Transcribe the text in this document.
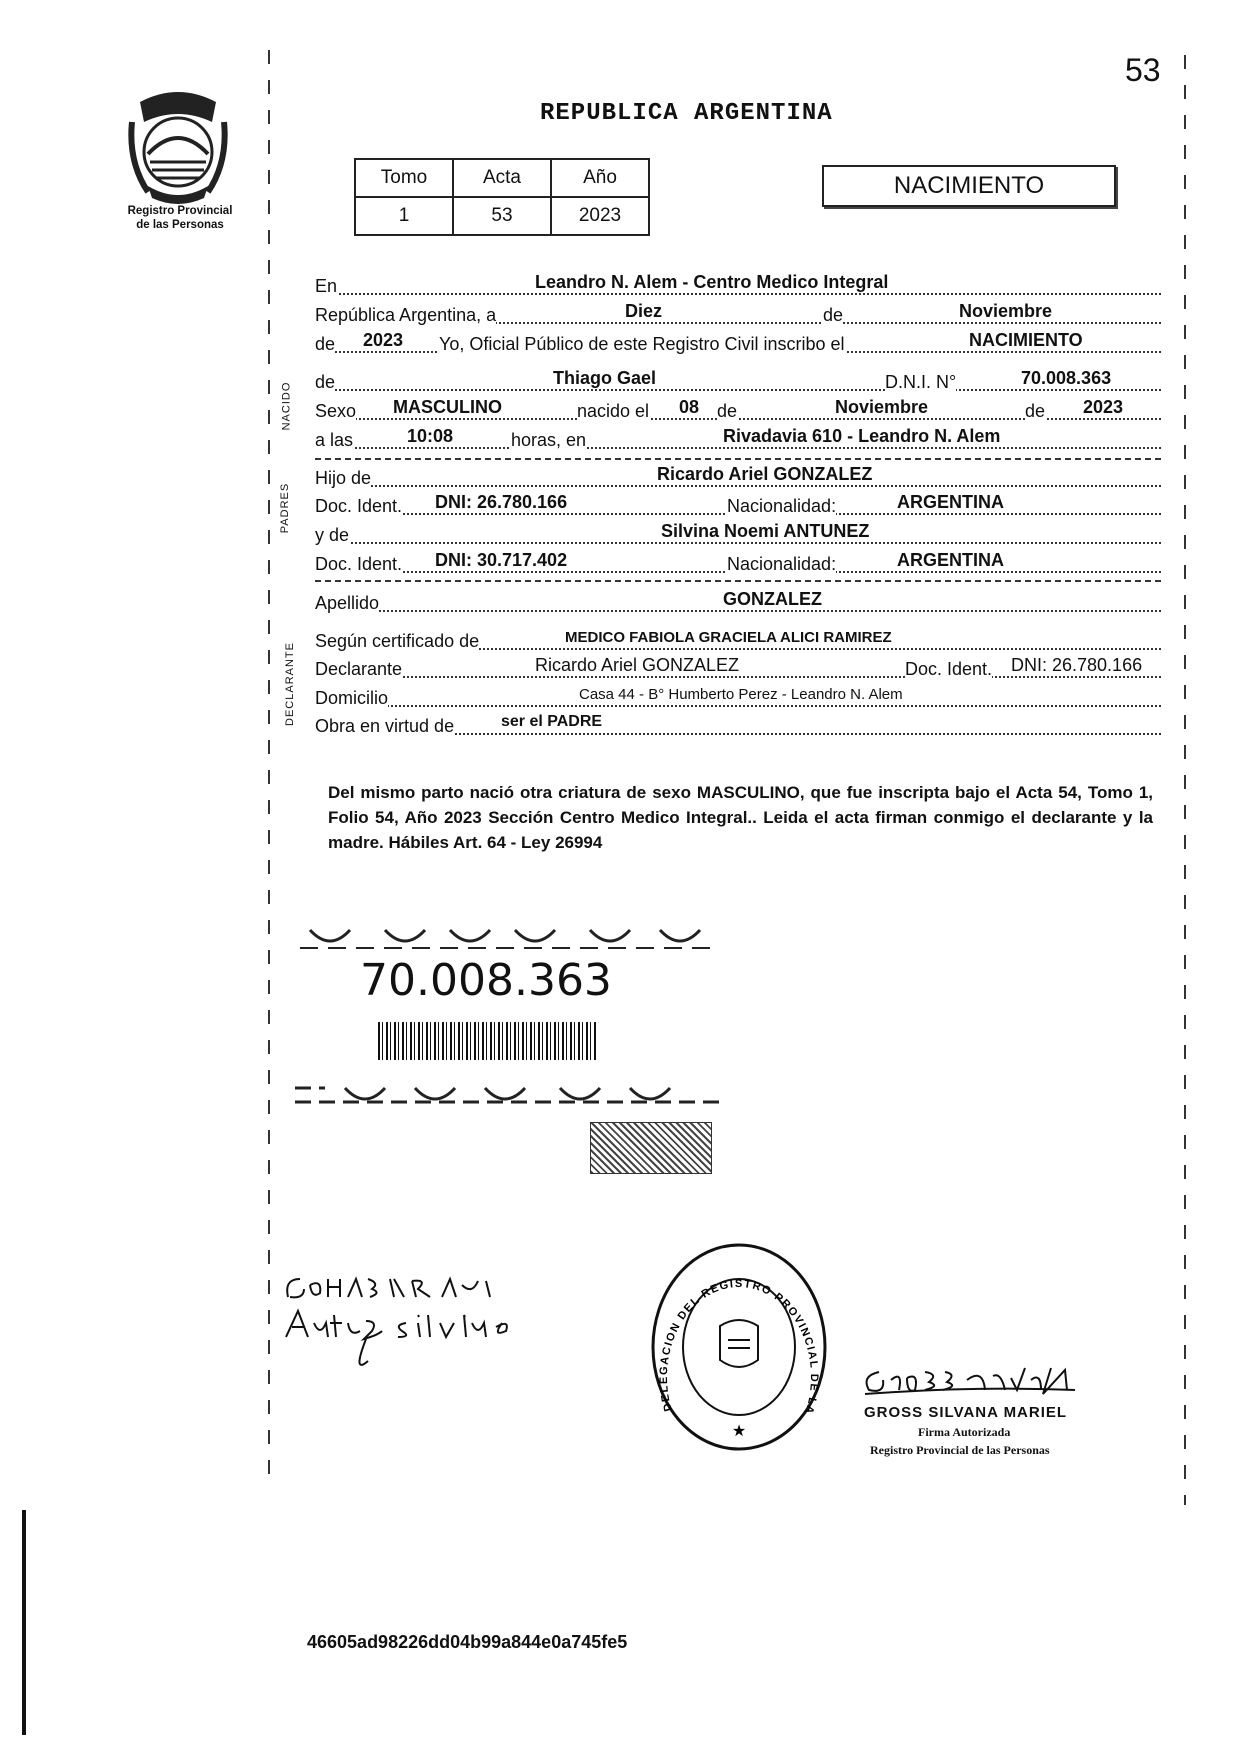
53
Registro Provincial
de las Personas
REPUBLICA ARGENTINA
Tomo	Acta	Año
1	53	2023
NACIMIENTO
NACIDO
PADRES
DECLARANTE
En	Leandro N. Alem - Centro Medico Integral
República Argentina, a	Diez	de	Noviembre
de 2023 Yo, Oficial Público de este Registro Civil inscribo el	NACIMIENTO
de	Thiago Gael	D.N.I. N°	70.008.363
Sexo MASCULINO	nacido el 08 de	Noviembre	de 2023
a las	10:08	horas, en	Rivadavia 610 - Leandro N. Alem
Hijo de	Ricardo Ariel GONZALEZ
Doc. Ident. DNI: 26.780.166	Nacionalidad:	ARGENTINA
y de	Silvina Noemi ANTUNEZ
Doc. Ident. DNI: 30.717.402	Nacionalidad:	ARGENTINA
Apellido	GONZALEZ
Según certificado de	MEDICO FABIOLA GRACIELA ALICI RAMIREZ
Declarante	Ricardo Ariel GONZALEZ	Doc. Ident. DNI: 26.780.166
Domicilio	Casa 44 - B° Humberto Perez - Leandro N. Alem
Obra en virtud de	ser el PADRE
Del mismo parto nació otra criatura de sexo MASCULINO, que fue inscripta bajo el Acta 54, Tomo 1, Folio 54, Año 2023 Sección Centro Medico Integral.. Leida el acta firman conmigo el declarante y la madre. Hábiles Art. 64 - Ley 26994
70.008.363
★
DELEGACION DEL REGISTRO PROVINCIAL DE LA	GROSS SILVANA MARIEL
Firma Autorizada
Registro Provincial de las Personas
46605ad98226dd04b99a844e0a745fe5
